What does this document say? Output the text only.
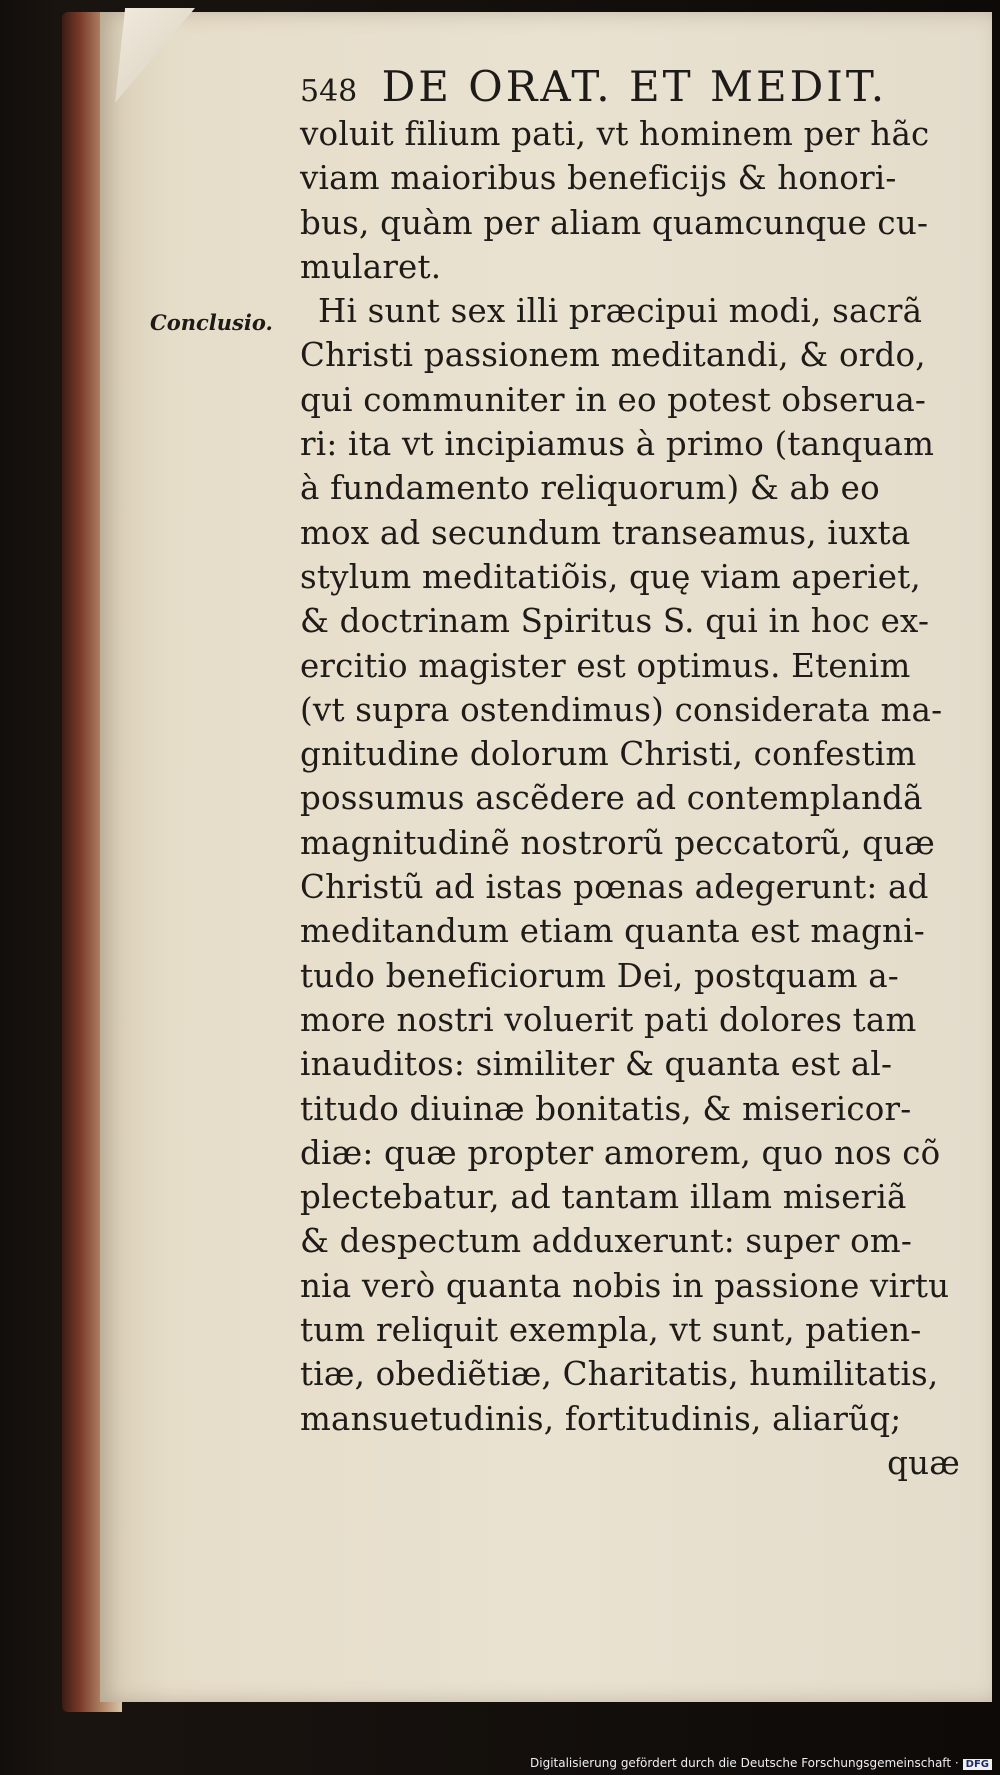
548 DE ORAT. ET MEDIT.
Conclusio.
voluit filium pati, vt hominem per hãc
viam maioribus beneficijs & honori-
bus, quàm per aliam quamcunque cu-
mularet.
Hi sunt sex illi præcipui modi, sacrã
Christi passionem meditandi, & ordo,
qui communiter in eo potest obserua-
ri: ita vt incipiamus à primo (tanquam
à fundamento reliquorum) & ab eo
mox ad secundum transeamus, iuxta
stylum meditatiõis, quę viam aperiet,
& doctrinam Spiritus S. qui in hoc ex-
ercitio magister est optimus. Etenim
(vt supra ostendimus) considerata ma-
gnitudine dolorum Christi, confestim
possumus ascẽdere ad contemplandã
magnitudinẽ nostrorũ peccatorũ, quæ
Christũ ad istas pœnas adegerunt: ad
meditandum etiam quanta est magni-
tudo beneficiorum Dei, postquam a-
more nostri voluerit pati dolores tam
inauditos: similiter & quanta est al-
titudo diuinæ bonitatis, & misericor-
diæ: quæ propter amorem, quo nos cõ
plectebatur, ad tantam illam miseriã
& despectum adduxerunt: super om-
nia verò quanta nobis in passione virtu
tum reliquit exempla, vt sunt, patien-
tiæ, obediẽtiæ, Charitatis, humilitatis,
mansuetudinis, fortitudinis, aliarũq;
quæ
Digitalisierung gefördert durch die Deutsche Forschungsgemeinschaft · DFG
